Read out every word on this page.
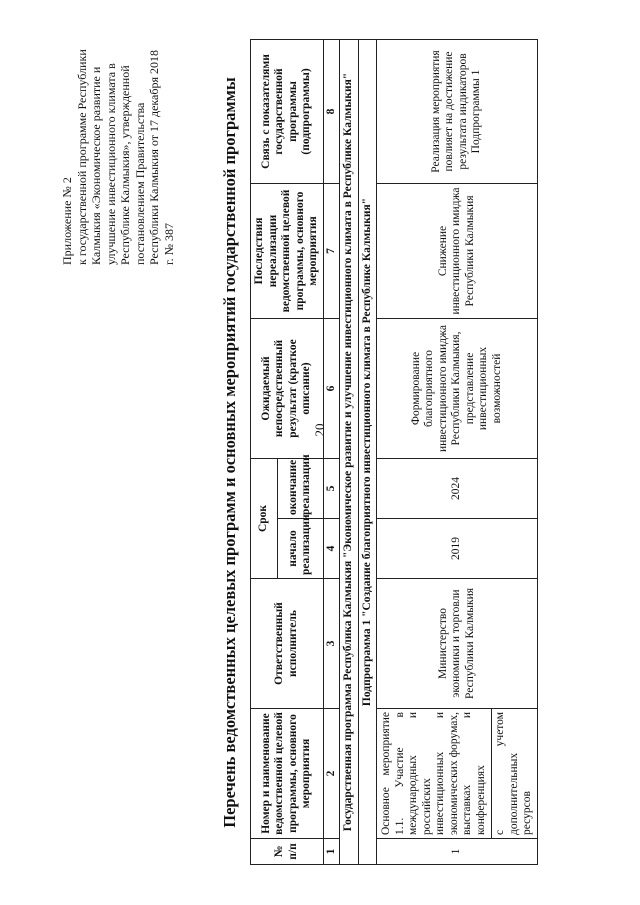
20
Приложение № 2 к государственной программе Республики Калмыкия «Экономическое развитие и улучшение инвестиционного климата в Республике Калмыкия», утвержденной постановлением Правительства Республики Калмыкия от 17 декабря 2018 г. № 387	Перечень ведомственных целевых программ и основных мероприятий государственной программы
№ п/п	Номер и наименование ведомственной целевой программы, основного мероприятия	Ответственный исполнитель	Срок		Ожидаемый непосредственный результат (краткое описание)	Последствия нереализации ведомственной целевой программы, основного мероприятия	Связь с показателями государственной программы (подпрограммы)
			начало реализации	окончание реализации			
1	2	3	4	5	6	7	8
Государственная программа Республика Калмыкия "Экономическое развитие и улучшение инвестиционного климата в Республике Калмыкия"							
Подпрограмма 1 "Создание благоприятного инвестиционного климата в Республике Калмыкия"							
1	Основное мероприятие 1.1. Участие в международных и российских инвестиционных и экономических форумах, выставках и конференциях	Министерство экономики и торговли Республики Калмыкия	2019	2024	Формирование благоприятного инвестиционного имиджа Республики Калмыкия, представление инвестиционных возможностей	Снижение инвестиционного имиджа Республики Калмыкия	Реализация мероприятия повлияет на достижение результата индикаторов Подпрограммы 1
	с учетом дополнительных ресурсов						
